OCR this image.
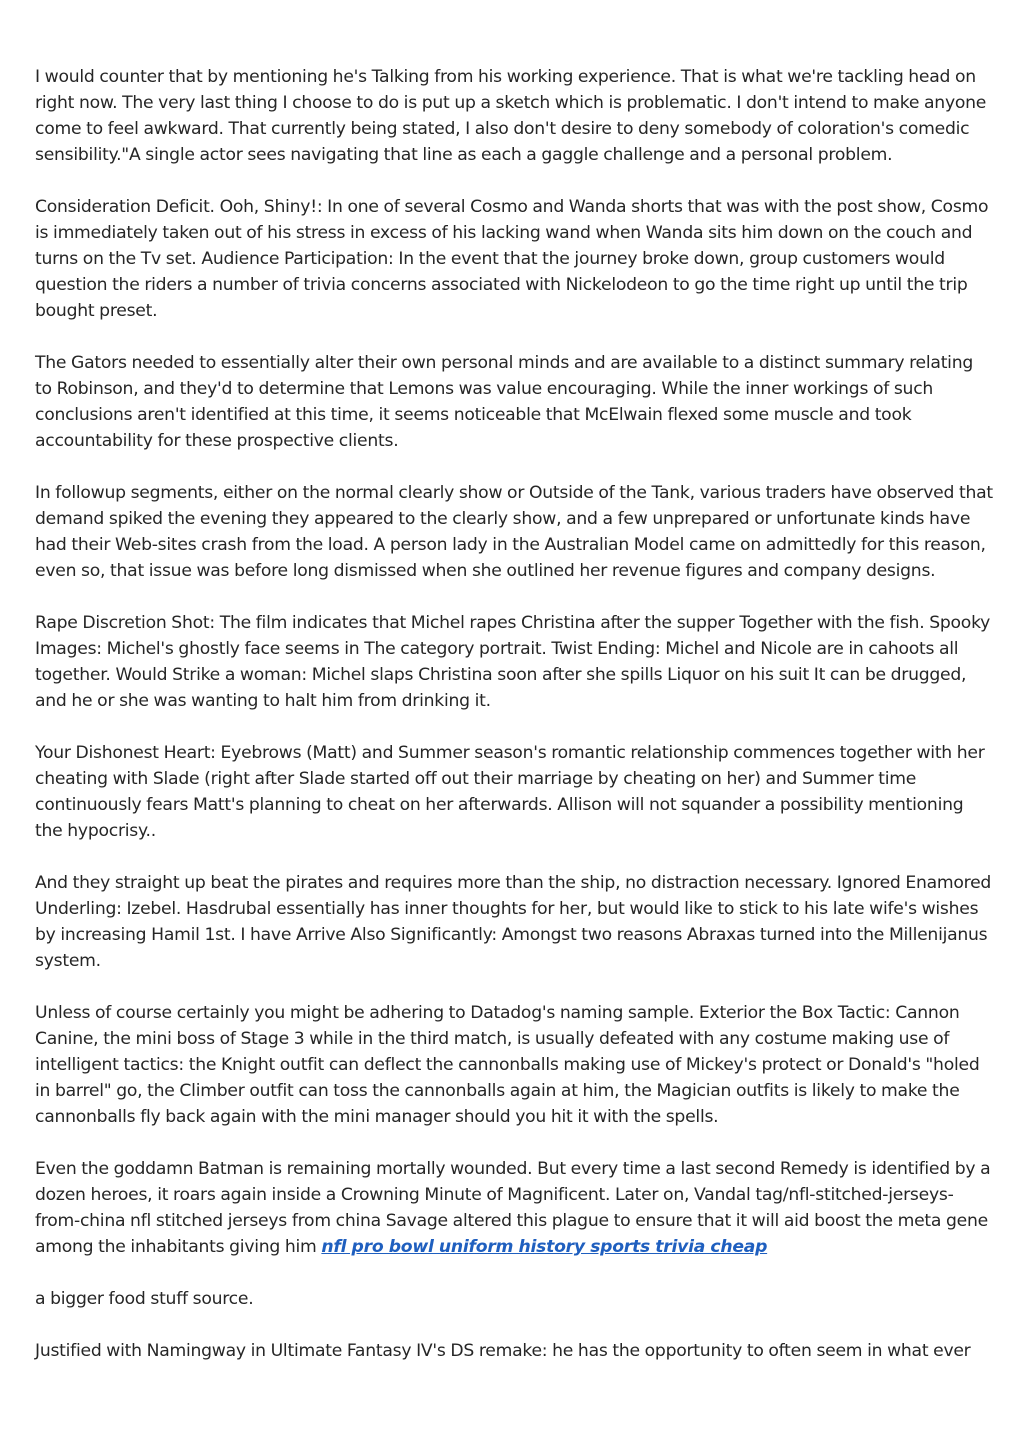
I would counter that by mentioning he's Talking from his working experience. That is what we're tackling head on right now. The very last thing I choose to do is put up a sketch which is problematic. I don't intend to make anyone come to feel awkward. That currently being stated, I also don't desire to deny somebody of coloration's comedic sensibility."A single actor sees navigating that line as each a gaggle challenge and a personal problem.

Consideration Deficit. Ooh, Shiny!: In one of several Cosmo and Wanda shorts that was with the post show, Cosmo is immediately taken out of his stress in excess of his lacking wand when Wanda sits him down on the couch and turns on the Tv set. Audience Participation: In the event that the journey broke down, group customers would question the riders a number of trivia concerns associated with Nickelodeon to go the time right up until the trip bought preset.

The Gators needed to essentially alter their own personal minds and are available to a distinct summary relating to Robinson, and they'd to determine that Lemons was value encouraging. While the inner workings of such conclusions aren't identified at this time, it seems noticeable that McElwain flexed some muscle and took accountability for these prospective clients.

In followup segments, either on the normal clearly show or Outside of the Tank, various traders have observed that demand spiked the evening they appeared to the clearly show, and a few unprepared or unfortunate kinds have had their Web-sites crash from the load. A person lady in the Australian Model came on admittedly for this reason, even so, that issue was before long dismissed when she outlined her revenue figures and company designs.

Rape Discretion Shot: The film indicates that Michel rapes Christina after the supper Together with the fish. Spooky Images: Michel's ghostly face seems in The category portrait. Twist Ending: Michel and Nicole are in cahoots all together. Would Strike a woman: Michel slaps Christina soon after she spills Liquor on his suit It can be drugged, and he or she was wanting to halt him from drinking it.

Your Dishonest Heart: Eyebrows (Matt) and Summer season's romantic relationship commences together with her cheating with Slade (right after Slade started off out their marriage by cheating on her) and Summer time continuously fears Matt's planning to cheat on her afterwards. Allison will not squander a possibility mentioning the hypocrisy..

And they straight up beat the pirates and requires more than the ship, no distraction necessary. Ignored Enamored Underling: Izebel. Hasdrubal essentially has inner thoughts for her, but would like to stick to his late wife's wishes by increasing Hamil 1st. I have Arrive Also Significantly: Amongst two reasons Abraxas turned into the Millenijanus system.

Unless of course certainly you might be adhering to Datadog's naming sample. Exterior the Box Tactic: Cannon Canine, the mini boss of Stage 3 while in the third match, is usually defeated with any costume making use of intelligent tactics: the Knight outfit can deflect the cannonballs making use of Mickey's protect or Donald's "holed in barrel" go, the Climber outfit can toss the cannonballs again at him, the Magician outfits is likely to make the cannonballs fly back again with the mini manager should you hit it with the spells.

Even the goddamn Batman is remaining mortally wounded. But every time a last second Remedy is identified by a dozen heroes, it roars again inside a Crowning Minute of Magnificent. Later on, Vandal tag/nfl-stitched-jerseys-from-china nfl stitched jerseys from china Savage altered this plague to ensure that it will aid boost the meta gene among the inhabitants giving him nfl pro bowl uniform history sports trivia cheap

a bigger food stuff source.

Justified with Namingway in Ultimate Fantasy IV's DS remake: he has the opportunity to often seem in what ever
